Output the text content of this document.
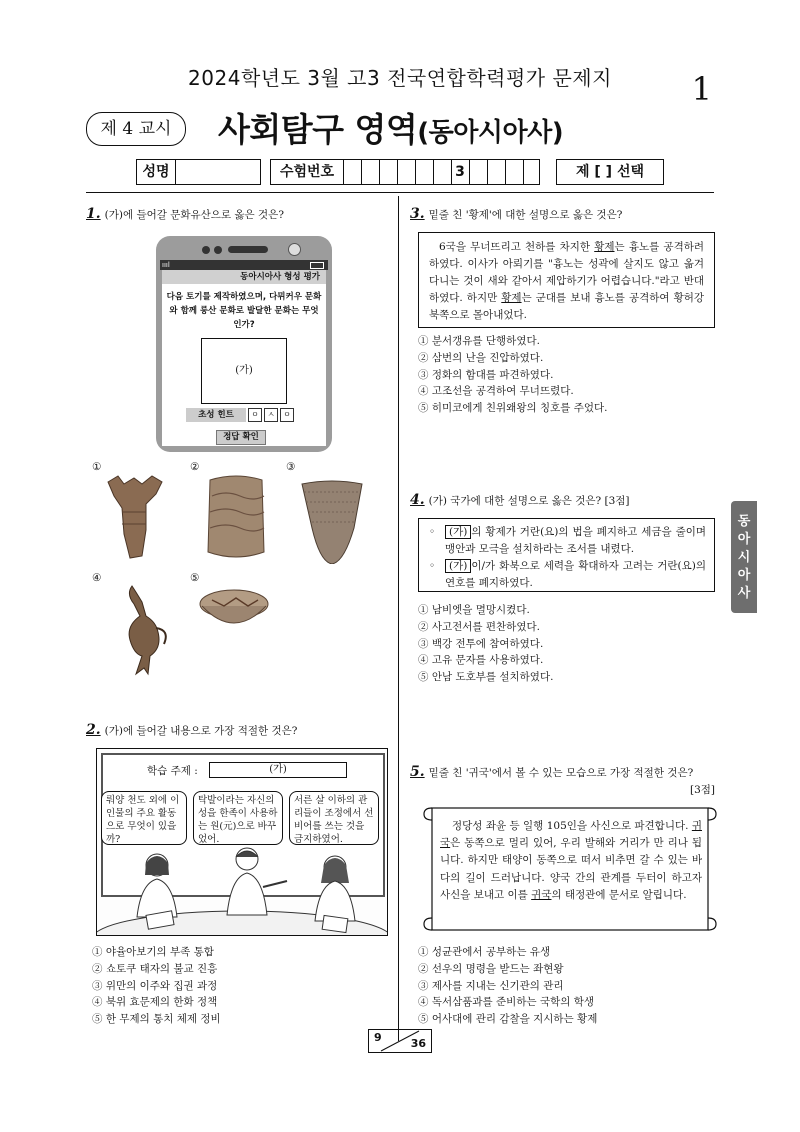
2024학년도 3월 고3 전국연합학력평가 문제지	1
제 4 교시	사회탐구 영역(동아시아사)
성명	수험번호	3	제 [ ] 선택
동아시아사
1. (가)에 들어갈 문화유산으로 옳은 것은?
ıııl
동아시아사 형성 평가
다음 토기를 제작하였으며, 다뮈커우 문화와 함께 룽산 문화로 발달한 문화는 무엇인가?
(가)
초성 힌트	ㅇ	ㅅ	ㅇ
정답 확인
①	②	③
④	⑤
2. (가)에 들어갈 내용으로 가장 적절한 것은?
학습 주제 :	(가)
뤄양 천도 외에 이 인물의 주요 활동으로 무엇이 있을까?
탁발이라는 자신의 성을 한족이 사용하는 원(元)으로 바꾸었어.
서른 살 이하의 관리들이 조정에서 선비어를 쓰는 것을 금지하였어.
① 야율아보기의 부족 통합
② 쇼토쿠 태자의 불교 진흥
③ 위만의 이주와 집권 과정
④ 북위 효문제의 한화 정책
⑤ 한 무제의 통치 체제 정비
3. 밑줄 친 '황제'에 대한 설명으로 옳은 것은?
6국을 무너뜨리고 천하를 차지한 황제는 흉노를 공격하려 하였다. 이사가 아뢰기를 "흉노는 성곽에 살지도 않고 옮겨 다니는 것이 새와 같아서 제압하기가 어렵습니다."라고 반대하였다. 하지만 황제는 군대를 보내 흉노를 공격하여 황허강 북쪽으로 몰아내었다.
① 분서갱유를 단행하였다.
② 삼번의 난을 진압하였다.
③ 정화의 함대를 파견하였다.
④ 고조선을 공격하여 무너뜨렸다.
⑤ 히미코에게 친위왜왕의 칭호를 주었다.
4. (가) 국가에 대한 설명으로 옳은 것은? [3점]
◦ (가) 의 황제가 거란(요)의 법을 폐지하고 세금을 줄이며 맹안과 모극을 설치하라는 조서를 내렸다.
◦ (가) 이/가 화북으로 세력을 확대하자 고려는 거란(요)의 연호를 폐지하였다.
① 남비엣을 멸망시켰다.
② 사고전서를 편찬하였다.
③ 백강 전투에 참여하였다.
④ 고유 문자를 사용하였다.
⑤ 안남 도호부를 설치하였다.
5. 밑줄 친 '귀국'에서 볼 수 있는 모습으로 가장 적절한 것은?
[3점]
정당성 좌윤 등 일행 105인을 사신으로 파견합니다. 귀국은 동쪽으로 멀리 있어, 우리 발해와 거리가 만 리나 됩니다. 하지만 태양이 동쪽으로 떠서 비추면 갈 수 있는 바다의 길이 드러납니다. 양국 간의 관계를 두터이 하고자 사신을 보내고 이를 귀국의 태정관에 문서로 알립니다.
① 성균관에서 공부하는 유생
② 선우의 명령을 받드는 좌현왕
③ 제사를 지내는 신기관의 관리
④ 독서삼품과를 준비하는 국학의 학생
⑤ 어사대에 관리 감찰을 지시하는 황제
9	36
